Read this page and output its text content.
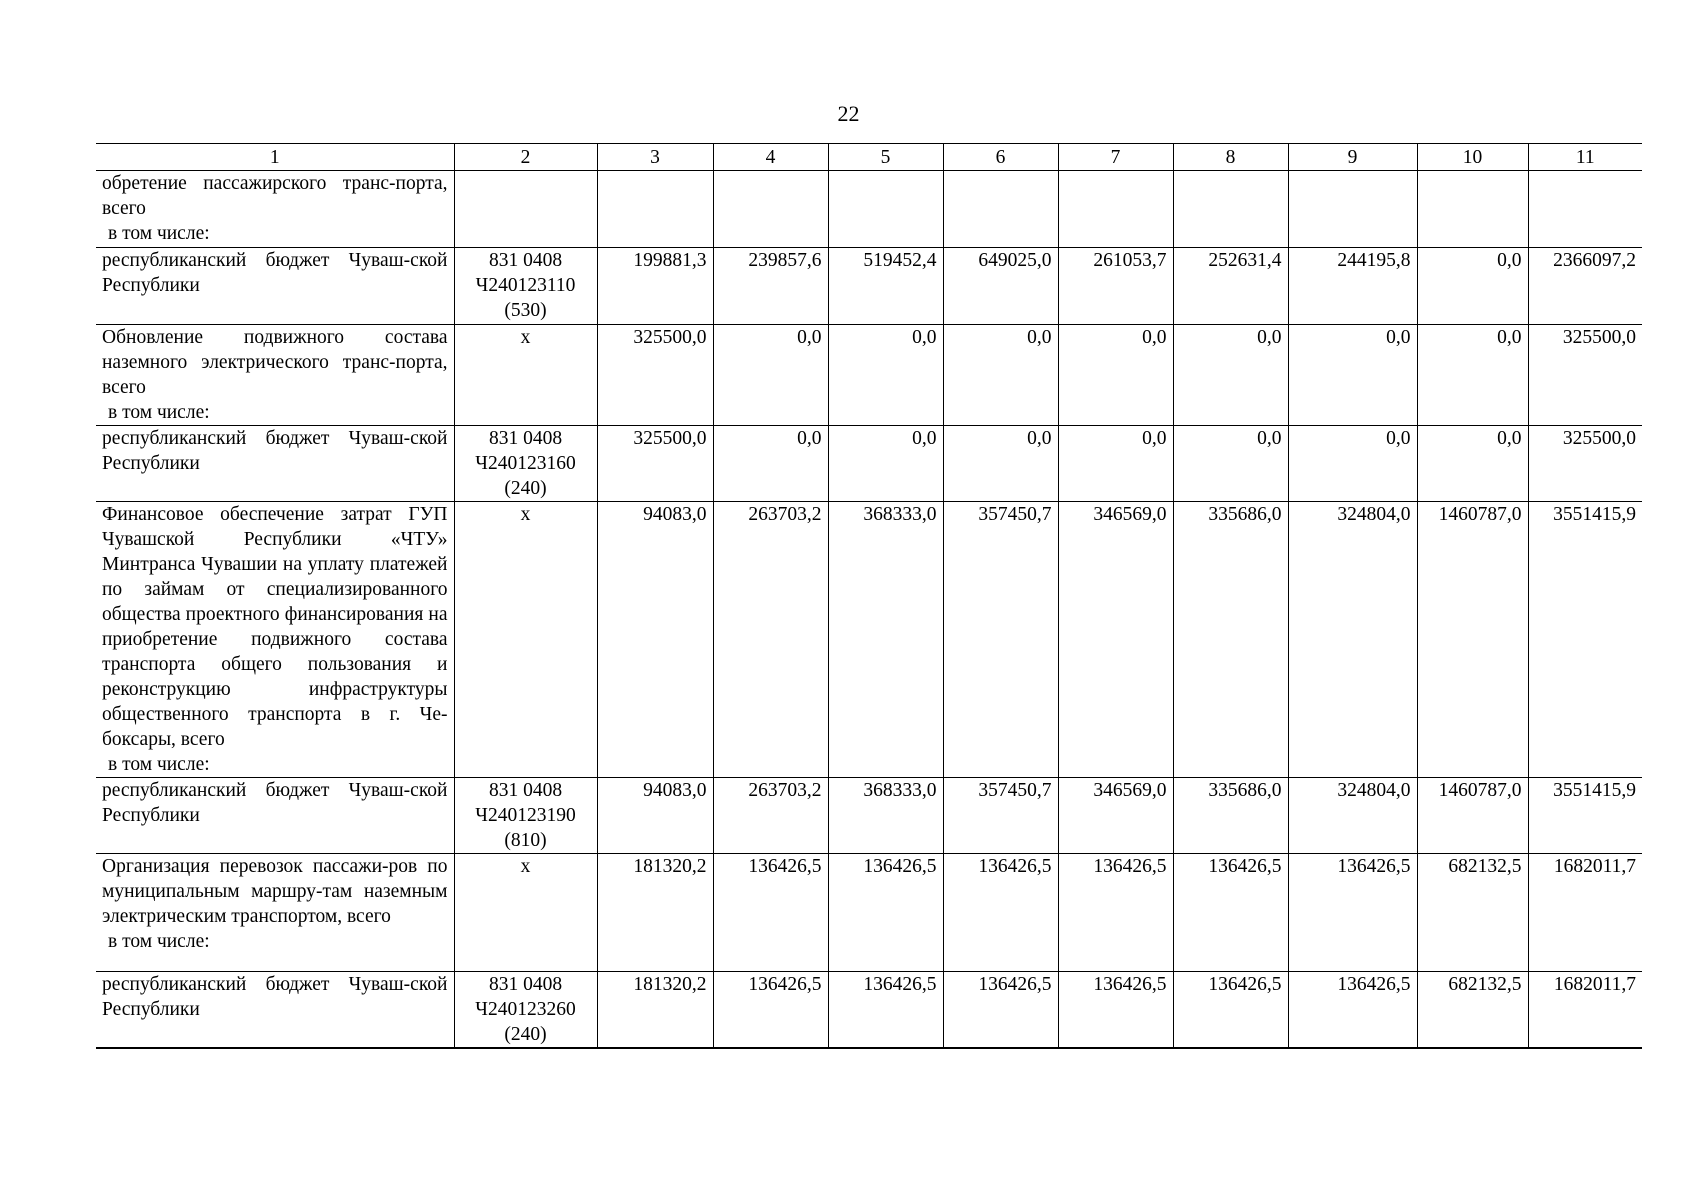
22
1	2	3	4	5	6	7	8	9	10	11

обретение пассажирского транс-порта, всего
в том числе:										

республиканский бюджет Чуваш-ской Республики	831 0408
Ч240123110
(530)	199881,3	239857,6	519452,4	649025,0	261053,7	252631,4	244195,8	0,0	2366097,2

Обновление подвижного состава наземного электрического транс-порта, всего
в том числе:	x	325500,0	0,0	0,0	0,0	0,0	0,0	0,0	0,0	325500,0

республиканский бюджет Чуваш-ской Республики	831 0408
Ч240123160
(240)	325500,0	0,0	0,0	0,0	0,0	0,0	0,0	0,0	325500,0

Финансовое обеспечение затрат ГУП Чувашской Республики «ЧТУ» Минтранса Чувашии на уплату платежей по займам от специализированного общества проектного финансирования на приобретение подвижного состава транспорта общего пользования и реконструкцию инфраструктуры общественного транспорта в г. Че-боксары, всего
в том числе:	x	94083,0	263703,2	368333,0	357450,7	346569,0	335686,0	324804,0	1460787,0	3551415,9

республиканский бюджет Чуваш-ской Республики	831 0408
Ч240123190
(810)	94083,0	263703,2	368333,0	357450,7	346569,0	335686,0	324804,0	1460787,0	3551415,9

Организация перевозок пассажи-ров по муниципальным маршру-там наземным электрическим транспортом, всего
в том числе:	x	181320,2	136426,5	136426,5	136426,5	136426,5	136426,5	136426,5	682132,5	1682011,7

республиканский бюджет Чуваш-ской Республики	831 0408
Ч240123260
(240)	181320,2	136426,5	136426,5	136426,5	136426,5	136426,5	136426,5	682132,5	1682011,7
